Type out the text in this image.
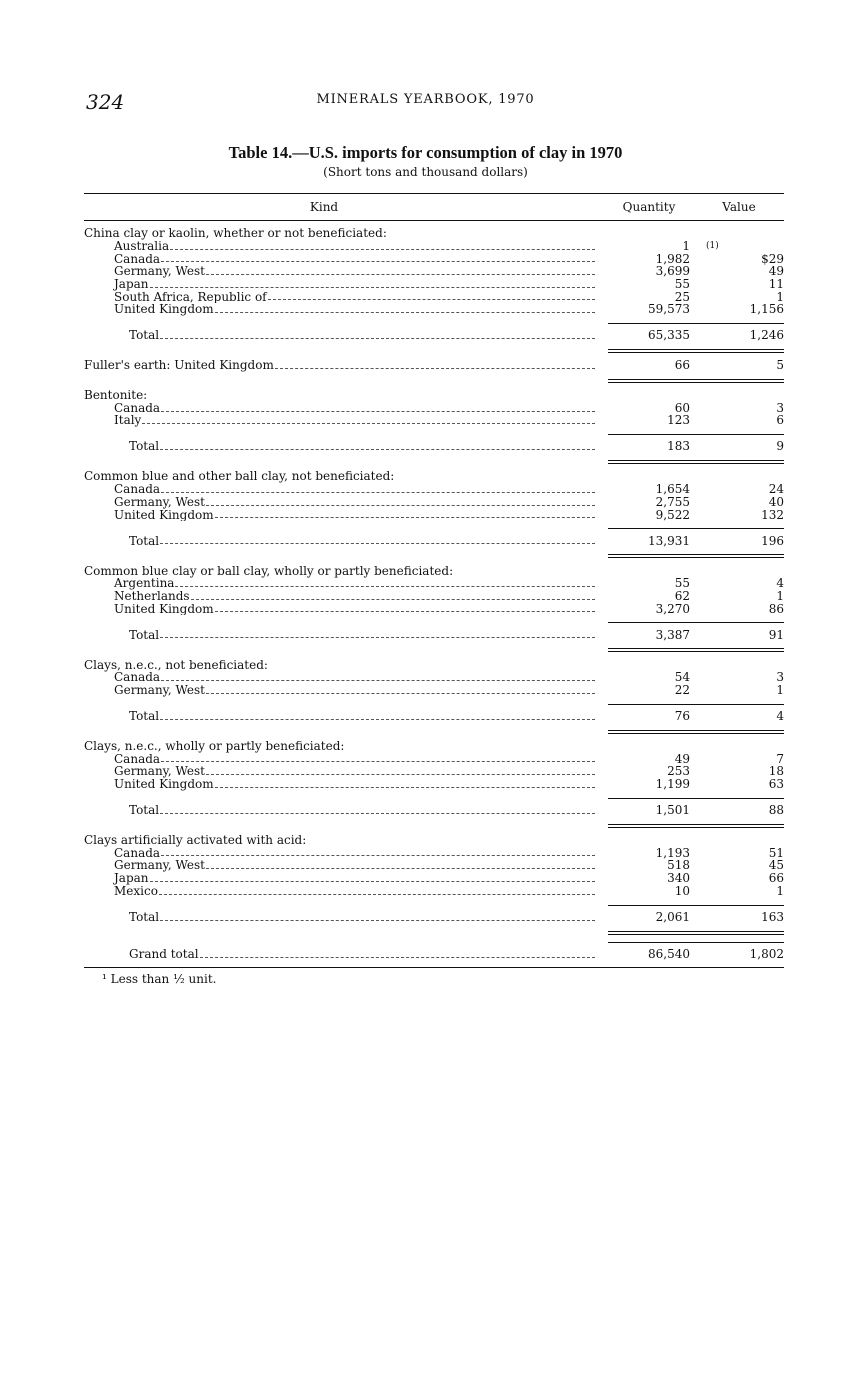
324	MINERALS YEARBOOK, 1970
Table 14.—U.S. imports for consumption of clay in 1970
(Short tons and thousand dollars)
Kind	Quantity	Value
China clay or kaolin, whether or not beneficiated:
Australia	1	$^{(1)}$
Canada	1,982	$29
Germany, West	3,699	49
Japan	55	11
South Africa, Republic of	25	1
United Kingdom	59,573	1,156
Total	65,335	1,246
Fuller's earth: United Kingdom	66	5
Bentonite:
Canada	60	3
Italy	123	6
Total	183	9
Common blue and other ball clay, not beneficiated:
Canada	1,654	24
Germany, West	2,755	40
United Kingdom	9,522	132
Total	13,931	196
Common blue clay or ball clay, wholly or partly beneficiated:
Argentina	55	4
Netherlands	62	1
United Kingdom	3,270	86
Total	3,387	91
Clays, n.e.c., not beneficiated:
Canada	54	3
Germany, West	22	1
Total	76	4
Clays, n.e.c., wholly or partly beneficiated:
Canada	49	7
Germany, West	253	18
United Kingdom	1,199	63
Total	1,501	88
Clays artificially activated with acid:
Canada	1,193	51
Germany, West	518	45
Japan	340	66
Mexico	10	1
Total	2,061	163
Grand total	86,540	1,802
¹ Less than ½ unit.
